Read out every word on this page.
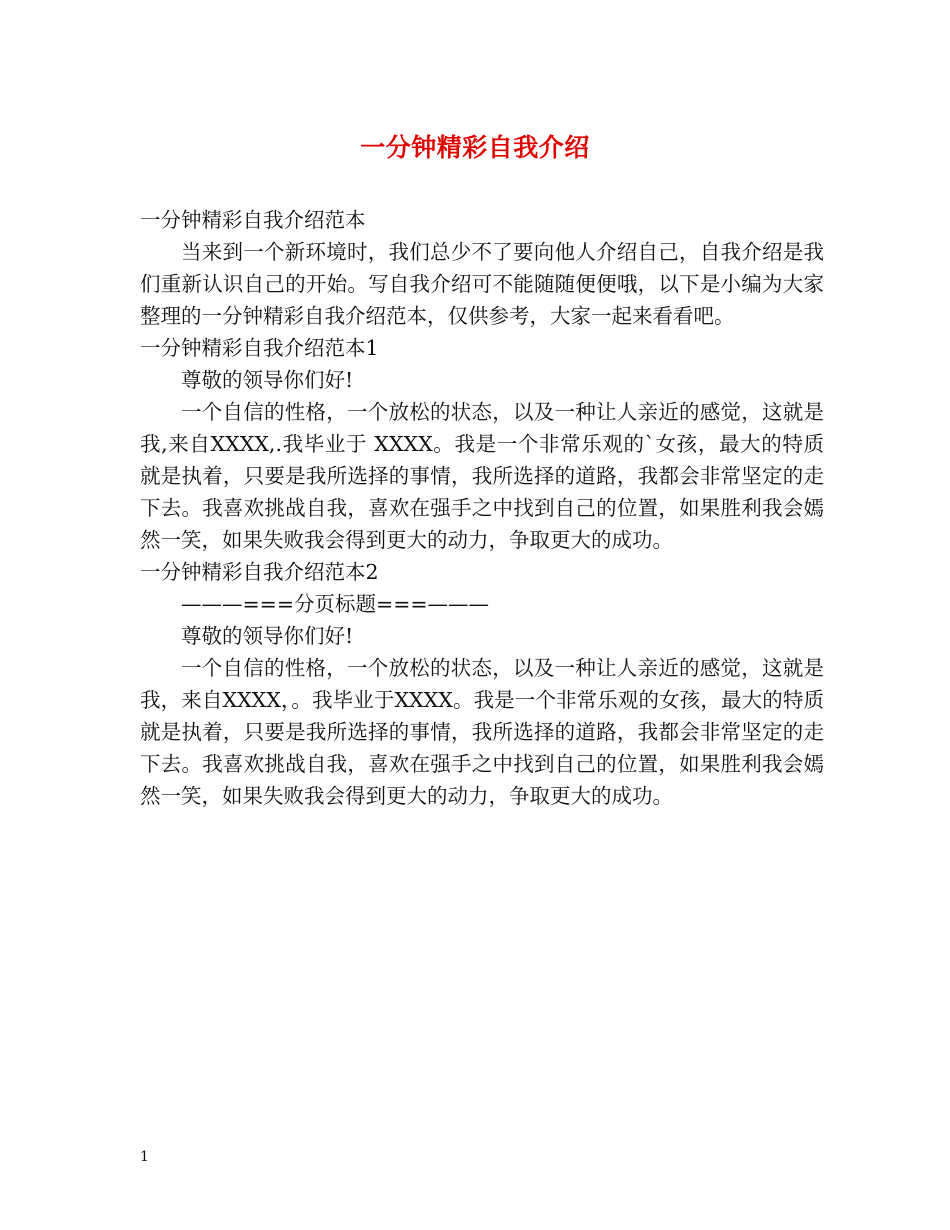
一分钟精彩自我介绍

一分钟精彩自我介绍范本

当来到一个新环境时，我们总少不了要向他人介绍自己，自我介绍是我们重新认识自己的开始。写自我介绍可不能随随便便哦，以下是小编为大家整理的一分钟精彩自我介绍范本，仅供参考，大家一起来看看吧。

一分钟精彩自我介绍范本1

尊敬的领导你们好!

一个自信的性格，一个放松的状态，以及一种让人亲近的感觉，这就是我,来自XXXX,.我毕业于 XXXX。我是一个非常乐观的`女孩，最大的特质就是执着，只要是我所选择的事情，我所选择的道路，我都会非常坚定的走下去。我喜欢挑战自我，喜欢在强手之中找到自己的位置，如果胜利我会嫣然一笑，如果失败我会得到更大的动力，争取更大的成功。

一分钟精彩自我介绍范本2

———===分页标题===———

尊敬的领导你们好!

一个自信的性格，一个放松的状态，以及一种让人亲近的感觉，这就是我，来自XXXX，。我毕业于XXXX。我是一个非常乐观的女孩，最大的特质就是执着，只要是我所选择的事情，我所选择的道路，我都会非常坚定的走下去。我喜欢挑战自我，喜欢在强手之中找到自己的位置，如果胜利我会嫣然一笑，如果失败我会得到更大的动力，争取更大的成功。

1
